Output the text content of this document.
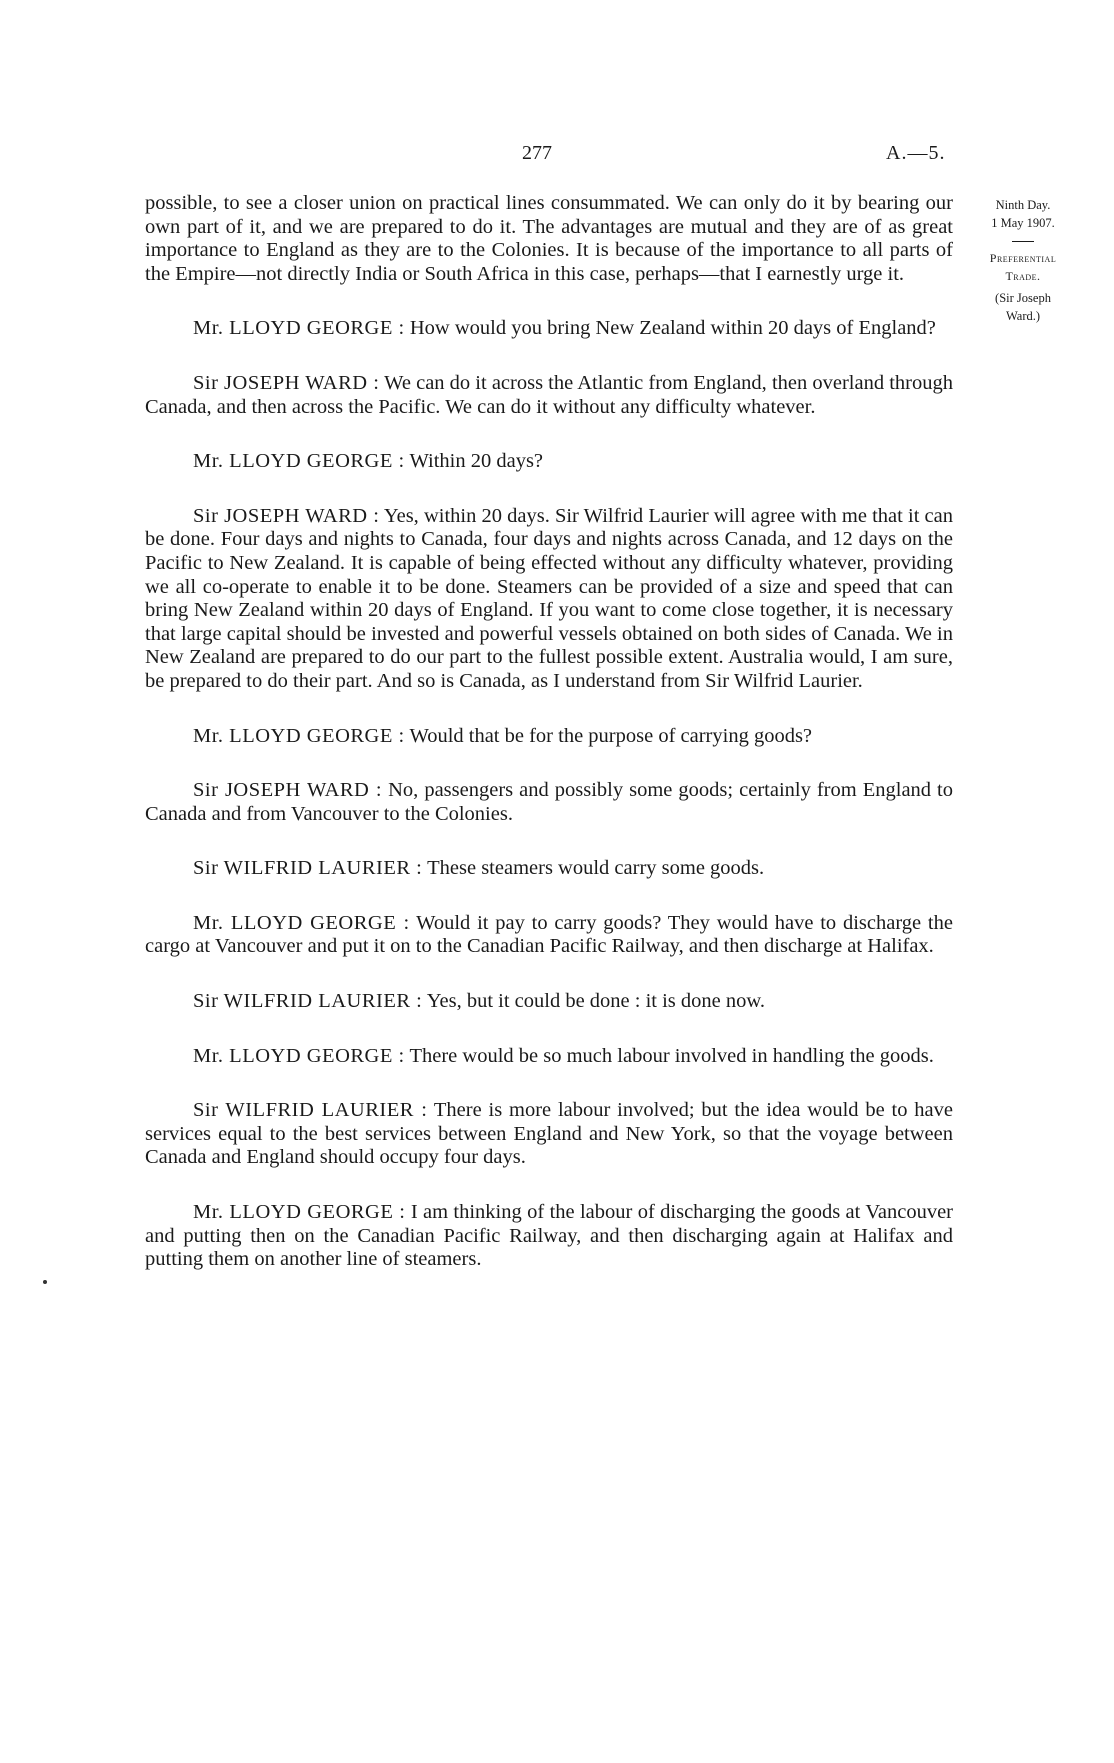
277	A.—5.
Ninth Day.
1 May 1907.
Preferential
Trade.
(Sir Joseph
Ward.)

possible, to see a closer union on practical lines consummated. We can only do it by bearing our own part of it, and we are prepared to do it. The advantages are mutual and they are of as great importance to England as they are to the Colonies. It is because of the importance to all parts of the Empire—not directly India or South Africa in this case, perhaps—that I earnestly urge it.

Mr. LLOYD GEORGE : How would you bring New Zealand within 20 days of England?

Sir JOSEPH WARD : We can do it across the Atlantic from England, then overland through Canada, and then across the Pacific. We can do it without any difficulty whatever.

Mr. LLOYD GEORGE : Within 20 days?

Sir JOSEPH WARD : Yes, within 20 days. Sir Wilfrid Laurier will agree with me that it can be done. Four days and nights to Canada, four days and nights across Canada, and 12 days on the Pacific to New Zealand. It is capable of being effected without any difficulty whatever, providing we all co-operate to enable it to be done. Steamers can be provided of a size and speed that can bring New Zealand within 20 days of England. If you want to come close together, it is necessary that large capital should be invested and powerful vessels obtained on both sides of Canada. We in New Zealand are prepared to do our part to the fullest possible extent. Australia would, I am sure, be prepared to do their part. And so is Canada, as I understand from Sir Wilfrid Laurier.

Mr. LLOYD GEORGE : Would that be for the purpose of carrying goods?

Sir JOSEPH WARD : No, passengers and possibly some goods; certainly from England to Canada and from Vancouver to the Colonies.

Sir WILFRID LAURIER : These steamers would carry some goods.

Mr. LLOYD GEORGE : Would it pay to carry goods? They would have to discharge the cargo at Vancouver and put it on to the Canadian Pacific Railway, and then discharge at Halifax.

Sir WILFRID LAURIER : Yes, but it could be done : it is done now.

Mr. LLOYD GEORGE : There would be so much labour involved in handling the goods.

Sir WILFRID LAURIER : There is more labour involved; but the idea would be to have services equal to the best services between England and New York, so that the voyage between Canada and England should occupy four days.

Mr. LLOYD GEORGE : I am thinking of the labour of discharging the goods at Vancouver and putting then on the Canadian Pacific Railway, and then discharging again at Halifax and putting them on another line of steamers.
